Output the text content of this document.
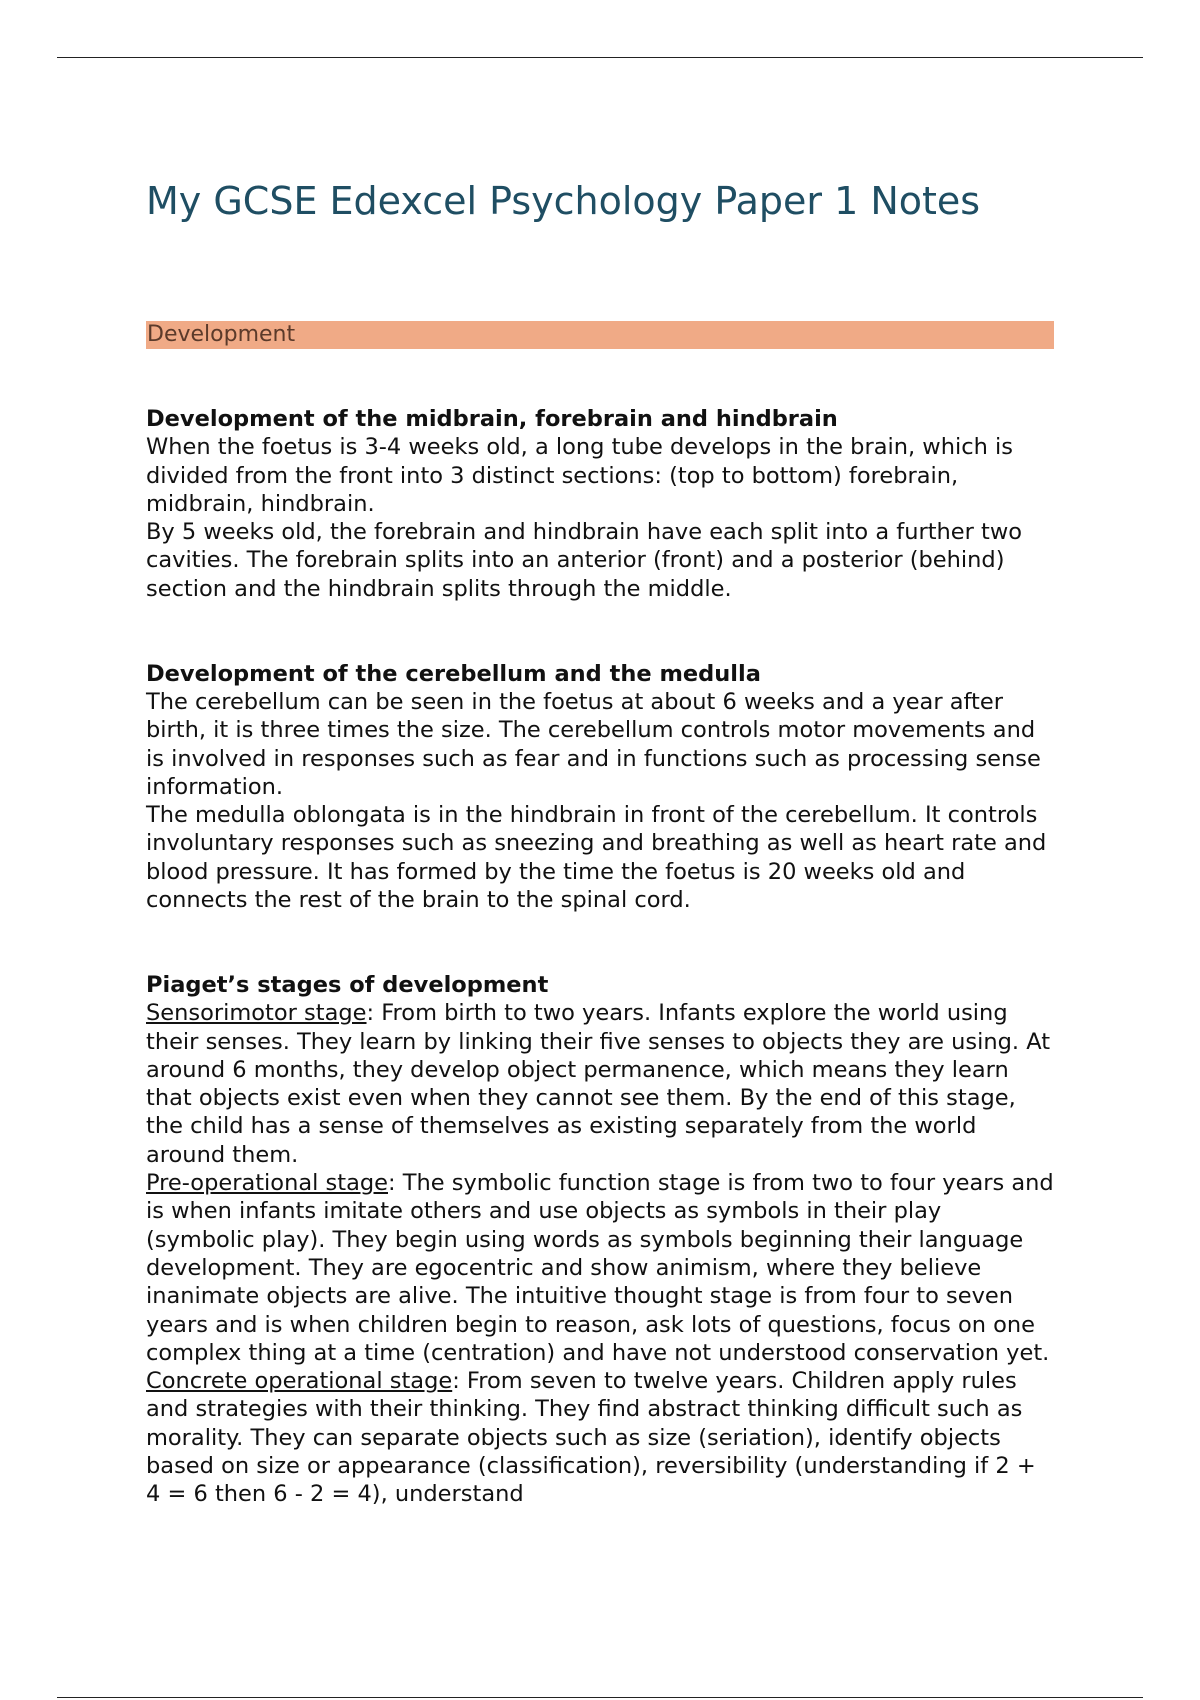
My GCSE Edexcel Psychology Paper 1 Notes
Development
Development of the midbrain, forebrain and hindbrain

When the foetus is 3-4 weeks old, a long tube develops in the brain, which is divided from the front into 3 distinct sections: (top to bottom) forebrain, midbrain, hindbrain.

By 5 weeks old, the forebrain and hindbrain have each split into a further two cavities. The forebrain splits into an anterior (front) and a posterior (behind) section and the hindbrain splits through the middle.

Development of the cerebellum and the medulla

The cerebellum can be seen in the foetus at about 6 weeks and a year after birth, it is three times the size. The cerebellum controls motor movements and is involved in responses such as fear and in functions such as processing sense information.

The medulla oblongata is in the hindbrain in front of the cerebellum. It controls involuntary responses such as sneezing and breathing as well as heart rate and blood pressure. It has formed by the time the foetus is 20 weeks old and connects the rest of the brain to the spinal cord.

Piaget’s stages of development

Sensorimotor stage: From birth to two years. Infants explore the world using their senses. They learn by linking their five senses to objects they are using. At around 6 months, they develop object permanence, which means they learn that objects exist even when they cannot see them. By the end of this stage, the child has a sense of themselves as existing separately from the world around them.

Pre-operational stage: The symbolic function stage is from two to four years and is when infants imitate others and use objects as symbols in their play (symbolic play). They begin using words as symbols beginning their language development. They are egocentric and show animism, where they believe inanimate objects are alive. The intuitive thought stage is from four to seven years and is when children begin to reason, ask lots of questions, focus on one complex thing at a time (centration) and have not understood conservation yet.

Concrete operational stage: From seven to twelve years. Children apply rules and strategies with their thinking. They find abstract thinking difficult such as morality. They can separate objects such as size (seriation), identify objects based on size or appearance (classification), reversibility (understanding if 2 + 4 = 6 then 6 - 2 = 4), understand
